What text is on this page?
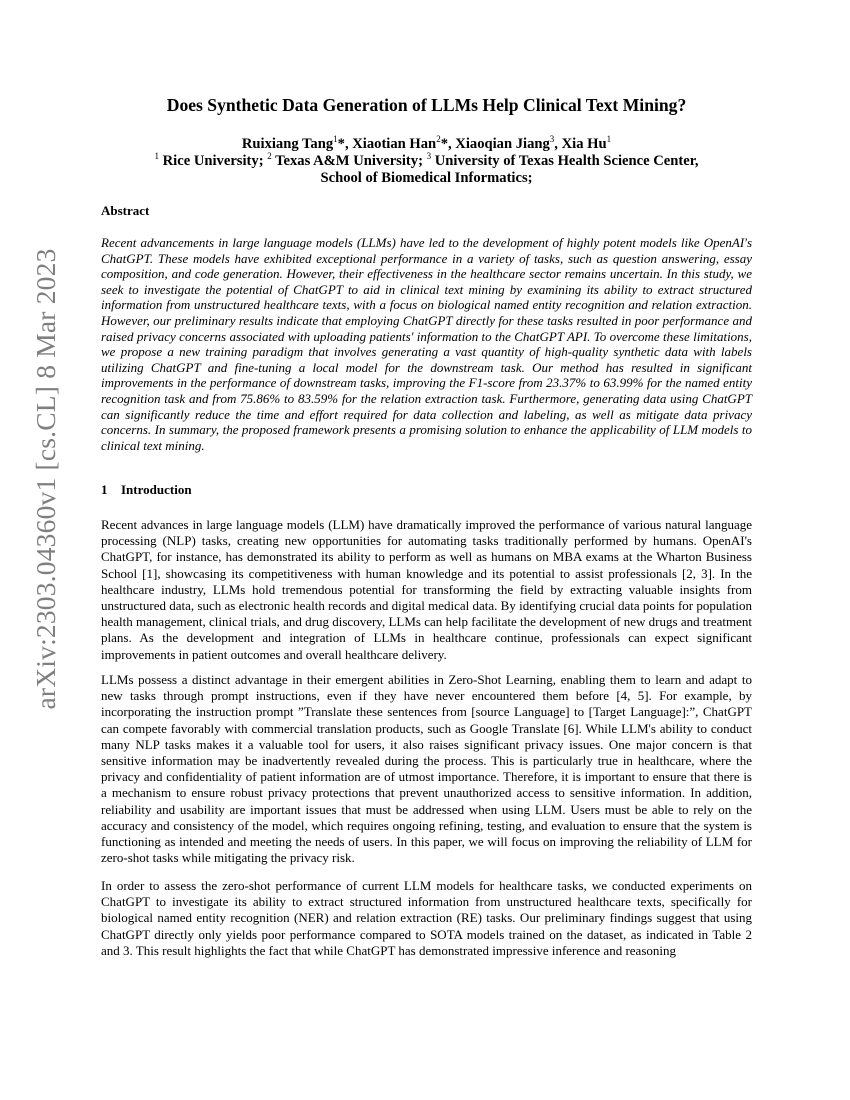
arXiv:2303.04360v1 [cs.CL] 8 Mar 2023
Does Synthetic Data Generation of LLMs Help Clinical Text Mining?
Ruixiang Tang$^1$*, Xiaotian Han$^2$*, Xiaoqian Jiang$^3$, Xia Hu$^1$
$^1$ Rice University; $^2$ Texas A&M University; $^3$ University of Texas Health Science Center,
School of Biomedical Informatics;
Abstract

Recent advancements in large language models (LLMs) have led to the development of highly potent models like OpenAI's ChatGPT. These models have exhibited exceptional performance in a variety of tasks, such as question answering, essay composition, and code generation. However, their effectiveness in the healthcare sector remains uncertain. In this study, we seek to investigate the potential of ChatGPT to aid in clinical text mining by examining its ability to extract structured information from unstructured healthcare texts, with a focus on biological named entity recognition and relation extraction. However, our preliminary results indicate that employing ChatGPT directly for these tasks resulted in poor performance and raised privacy concerns associated with uploading patients' information to the ChatGPT API. To overcome these limitations, we propose a new training paradigm that involves generating a vast quantity of high-quality synthetic data with labels utilizing ChatGPT and fine-tuning a local model for the downstream task. Our method has resulted in significant improvements in the performance of downstream tasks, improving the F1-score from 23.37% to 63.99% for the named entity recognition task and from 75.86% to 83.59% for the relation extraction task. Furthermore, generating data using ChatGPT can significantly reduce the time and effort required for data collection and labeling, as well as mitigate data privacy concerns. In summary, the proposed framework presents a promising solution to enhance the applicability of LLM models to clinical text mining.

1 Introduction

Recent advances in large language models (LLM) have dramatically improved the performance of various natural language processing (NLP) tasks, creating new opportunities for automating tasks traditionally performed by humans. OpenAI's ChatGPT, for instance, has demonstrated its ability to perform as well as humans on MBA exams at the Wharton Business School [1], showcasing its competitiveness with human knowledge and its potential to assist professionals [2, 3]. In the healthcare industry, LLMs hold tremendous potential for transforming the field by extracting valuable insights from unstructured data, such as electronic health records and digital medical data. By identifying crucial data points for population health management, clinical trials, and drug discovery, LLMs can help facilitate the development of new drugs and treatment plans. As the development and integration of LLMs in healthcare continue, professionals can expect significant improvements in patient outcomes and overall healthcare delivery.

LLMs possess a distinct advantage in their emergent abilities in Zero-Shot Learning, enabling them to learn and adapt to new tasks through prompt instructions, even if they have never encountered them before [4, 5]. For example, by incorporating the instruction prompt ”Translate these sentences from [source Language] to [Target Language]:”, ChatGPT can compete favorably with commercial translation products, such as Google Translate [6]. While LLM's ability to conduct many NLP tasks makes it a valuable tool for users, it also raises significant privacy issues. One major concern is that sensitive information may be inadvertently revealed during the process. This is particularly true in healthcare, where the privacy and confidentiality of patient information are of utmost importance. Therefore, it is important to ensure that there is a mechanism to ensure robust privacy protections that prevent unauthorized access to sensitive information. In addition, reliability and usability are important issues that must be addressed when using LLM. Users must be able to rely on the accuracy and consistency of the model, which requires ongoing refining, testing, and evaluation to ensure that the system is functioning as intended and meeting the needs of users. In this paper, we will focus on improving the reliability of LLM for zero-shot tasks while mitigating the privacy risk.

In order to assess the zero-shot performance of current LLM models for healthcare tasks, we conducted experiments on ChatGPT to investigate its ability to extract structured information from unstructured healthcare texts, specifically for biological named entity recognition (NER) and relation extraction (RE) tasks. Our preliminary findings suggest that using ChatGPT directly only yields poor performance compared to SOTA models trained on the dataset, as indicated in Table 2 and 3. This result highlights the fact that while ChatGPT has demonstrated impressive inference and reasoning
